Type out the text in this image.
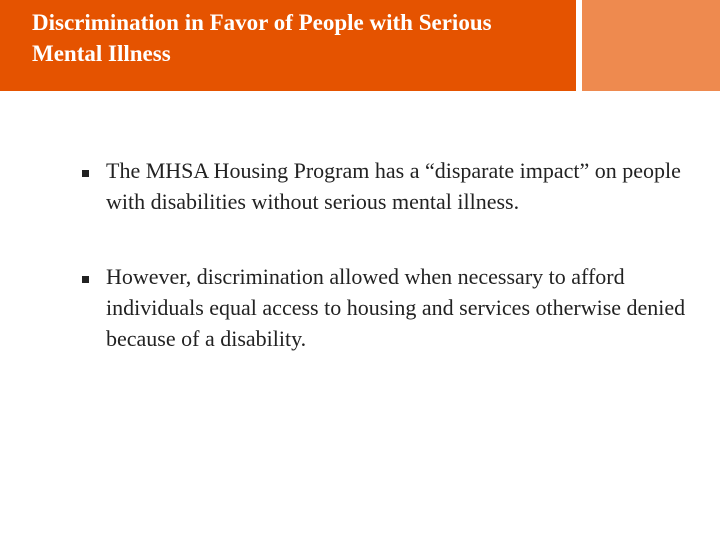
Discrimination in Favor of People with Serious Mental Illness
The MHSA Housing Program has a “disparate impact” on people with disabilities without serious mental illness.
However, discrimination allowed when necessary to afford individuals equal access to housing and services otherwise denied because of a disability.
